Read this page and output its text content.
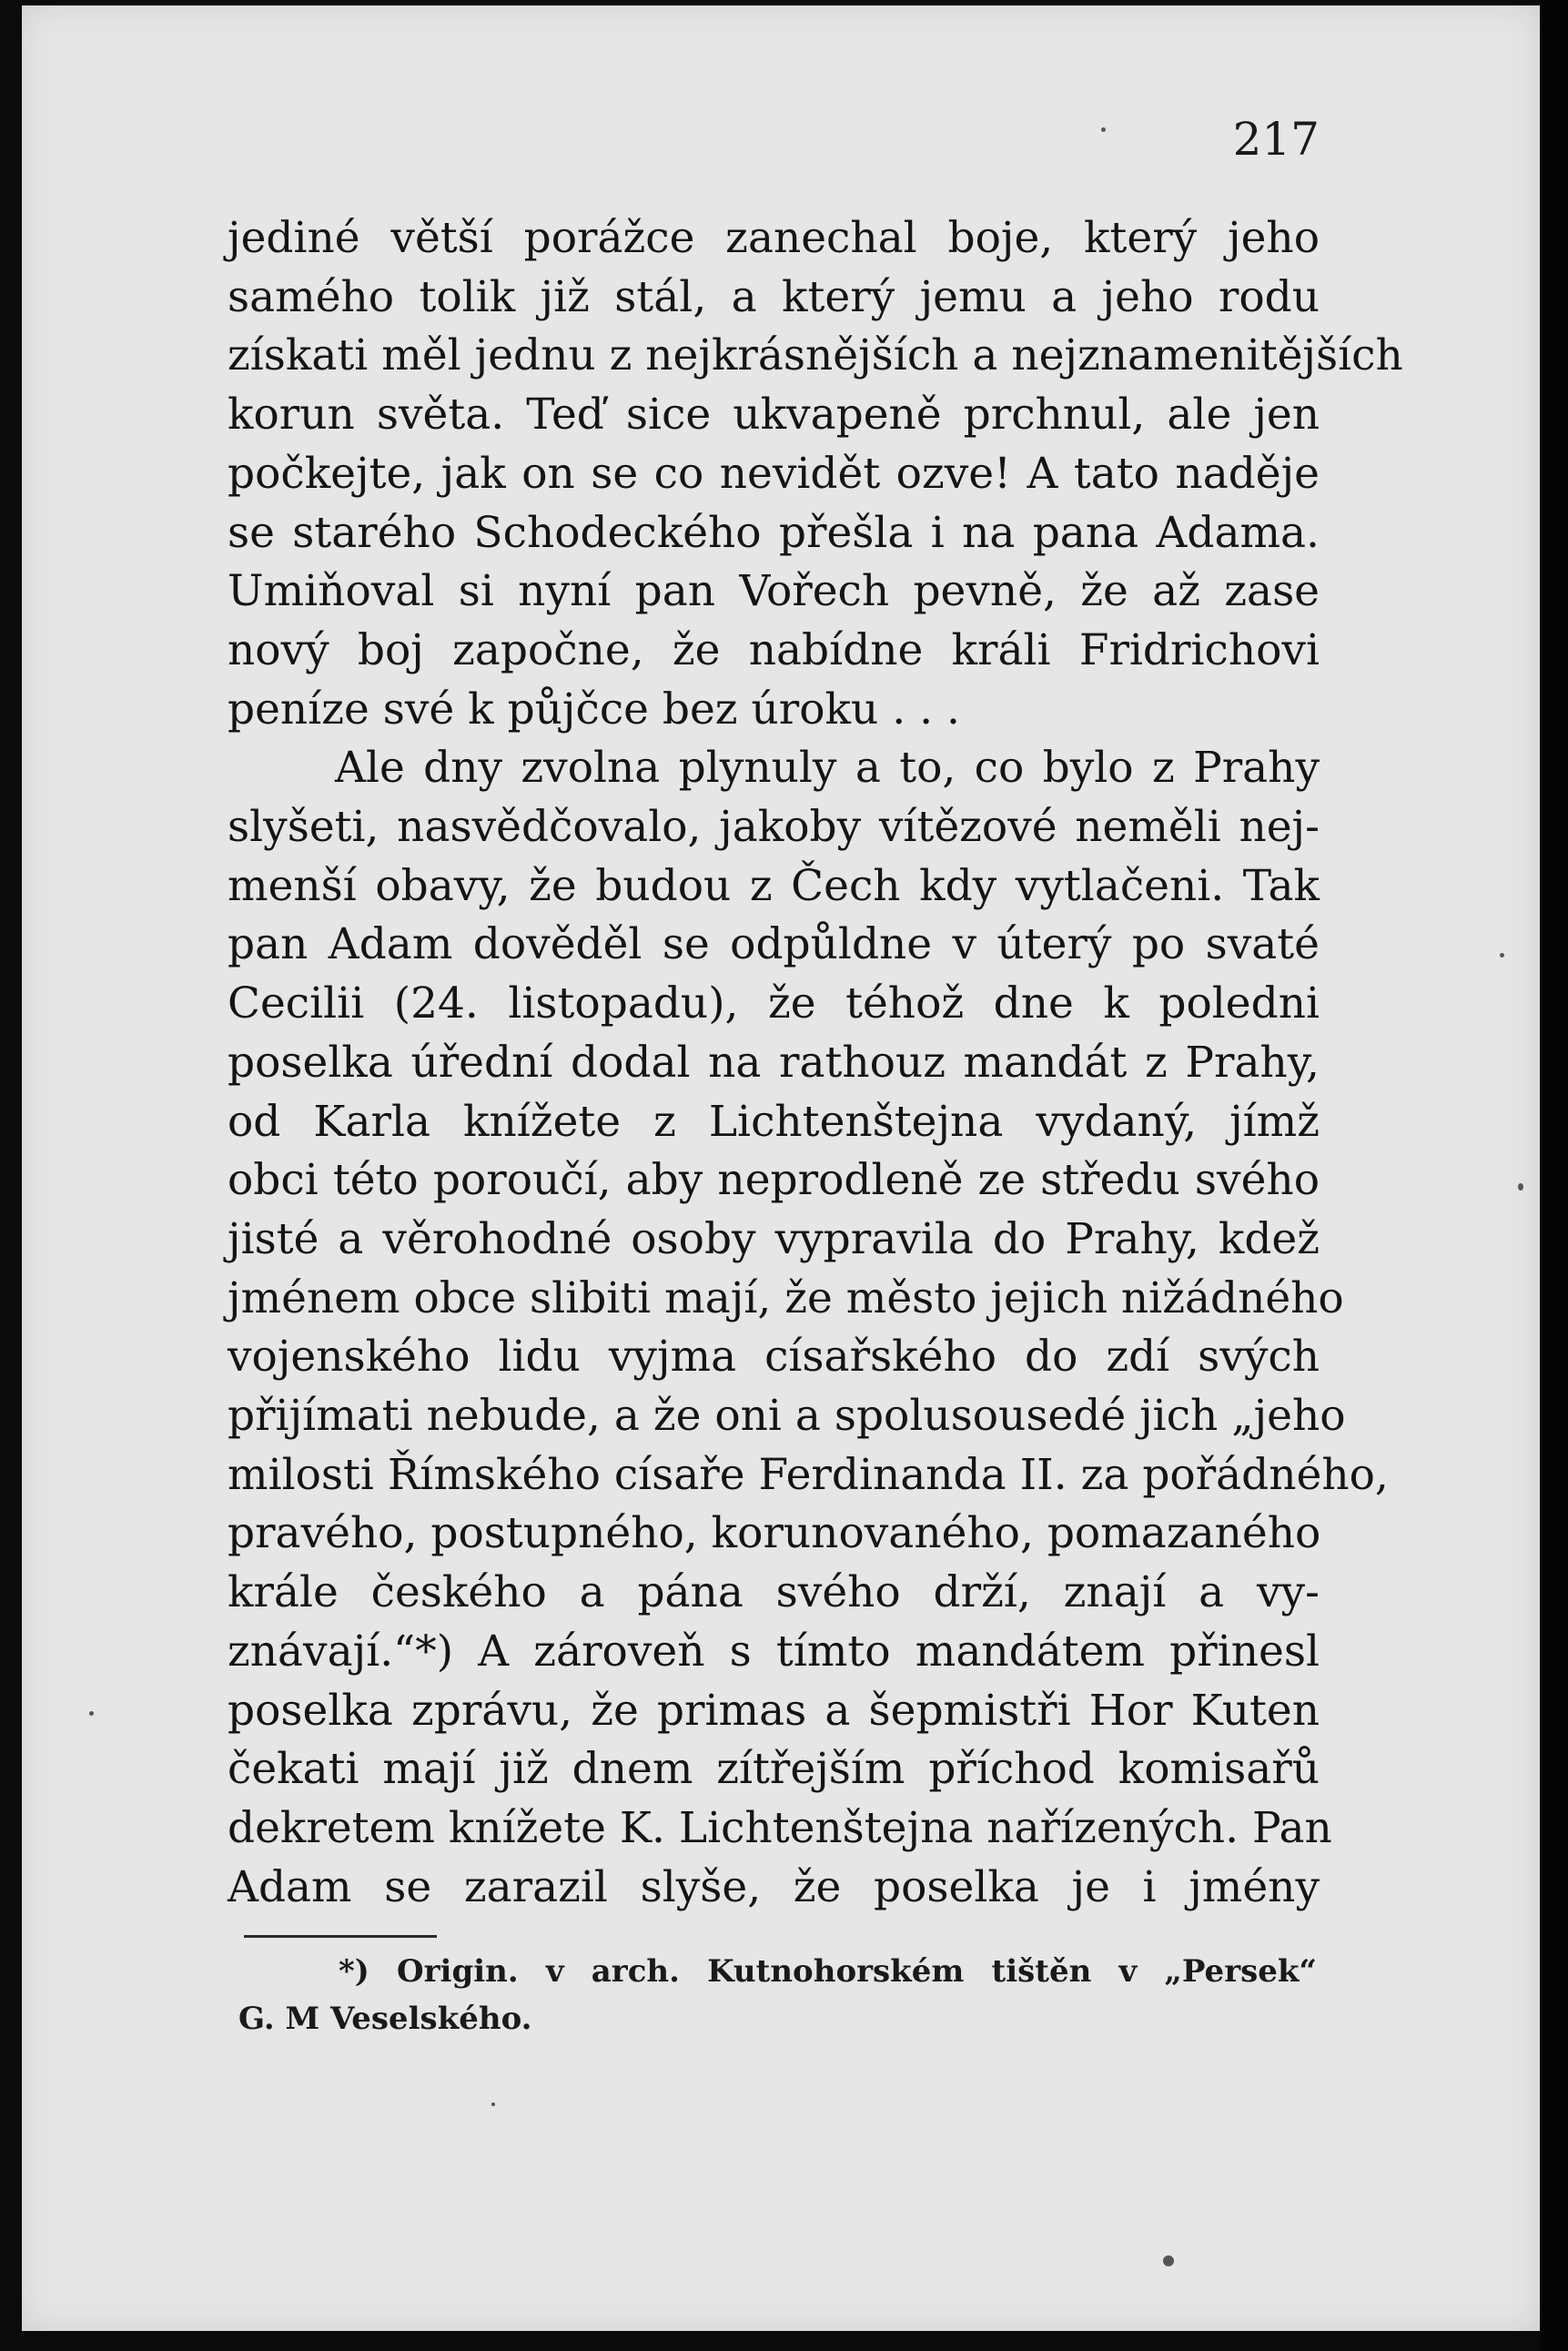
217
jediné větší porážce zanechal boje, který jeho
samého tolik již stál, a který jemu a jeho rodu
získati měl jednu z nejkrásnějších a nejznamenitějších
korun světa. Teď sice ukvapeně prchnul, ale jen
počkejte, jak on se co nevidět ozve! A tato naděje
se starého Schodeckého přešla i na pana Adama.
Umiňoval si nyní pan Vořech pevně, že až zase
nový boj započne, že nabídne králi Fridrichovi
peníze své k půjčce bez úroku . . .
Ale dny zvolna plynuly a to, co bylo z Prahy
slyšeti, nasvědčovalo, jakoby vítězové neměli nej-
menší obavy, že budou z Čech kdy vytlačeni. Tak
pan Adam dověděl se odpůldne v úterý po svaté
Cecilii (24. listopadu), že téhož dne k poledni
poselka úřední dodal na rathouz mandát z Prahy,
od Karla knížete z Lichtenštejna vydaný, jímž
obci této poroučí, aby neprodleně ze středu svého
jisté a věrohodné osoby vypravila do Prahy, kdež
jménem obce slibiti mají, že město jejich nižádného
vojenského lidu vyjma císařského do zdí svých
přijímati nebude, a že oni a spolusousedé jich „jeho
milosti Římského císaře Ferdinanda II. za pořádného,
pravého, postupného, korunovaného, pomazaného
krále českého a pána svého drží, znají a vy-
znávají.“*) A zároveň s tímto mandátem přinesl
poselka zprávu, že primas a šepmistři Hor Kuten
čekati mají již dnem zítřejším příchod komisařů
dekretem knížete K. Lichtenštejna nařízených. Pan
Adam se zarazil slyše, že poselka je i jmény
*) Origin. v arch. Kutnohorském tištěn v „Persek“
G. M Veselského.
